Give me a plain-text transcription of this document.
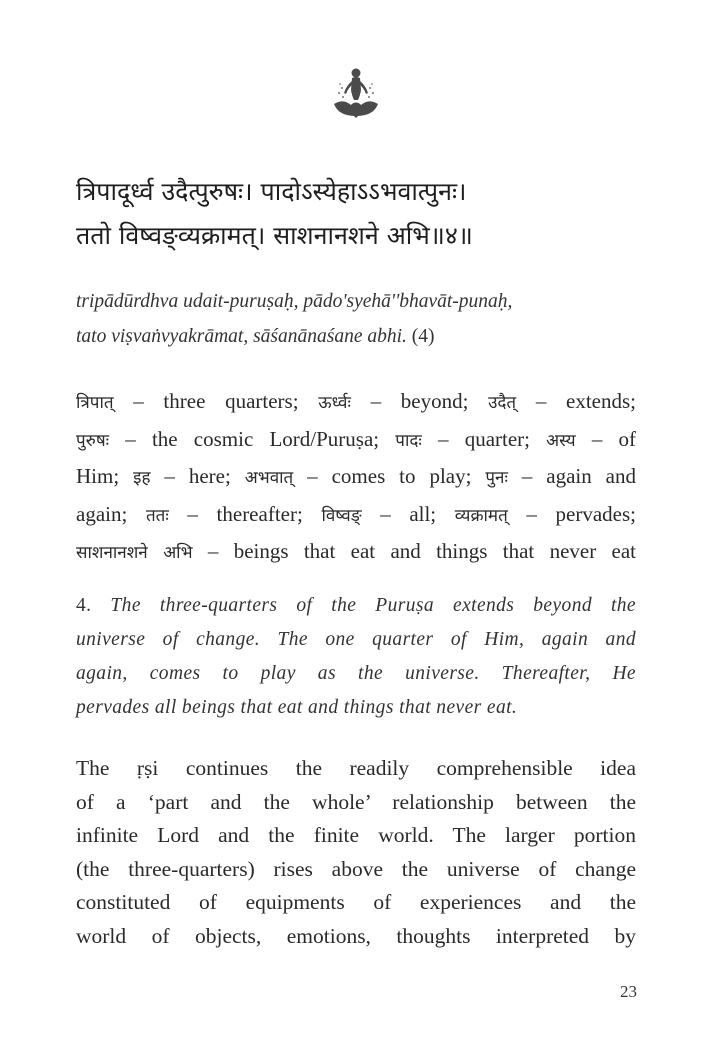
त्रिपादूर्ध्व उदैत्पुरुषः। पादोऽस्येहाऽऽभवात्पुनः।
ततो विष्वङ्व्यक्रामत्। साशनानशने अभि॥४॥
tripādūrdhva udait-puruṣaḥ, pādo'syehā''bhavāt-punaḥ,
tato viṣvaṅvyakrāmat, sāśanānaśane abhi. (4)
त्रिपात् – three quarters; ऊर्ध्वः – beyond; उदैत् – extends;
पुरुषः – the cosmic Lord/Puruṣa; पादः – quarter; अस्य – of
Him; इह – here; अभवात् – comes to play; पुनः – again and
again; ततः – thereafter; विष्वङ् – all; व्यक्रामत् – pervades;
साशनानशने अभि – beings that eat and things that never eat
4. The three-quarters of the Puruṣa extends beyond the
universe of change. The one quarter of Him, again and
again, comes to play as the universe. Thereafter, He
pervades all beings that eat and things that never eat.
The ṛṣi continues the readily comprehensible idea
of a ‘part and the whole’ relationship between the
infinite Lord and the finite world. The larger portion
(the three-quarters) rises above the universe of change
constituted of equipments of experiences and the
world of objects, emotions, thoughts interpreted by
23
